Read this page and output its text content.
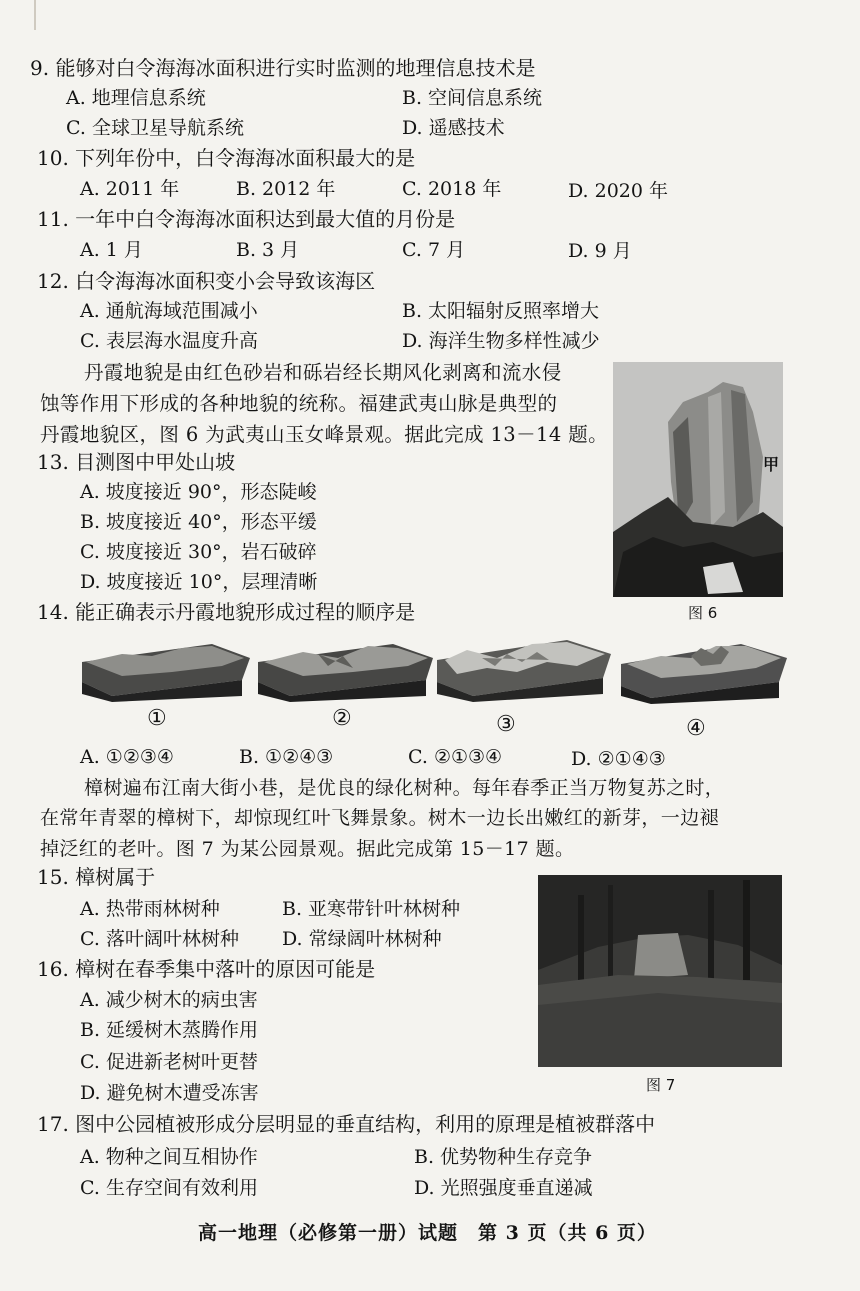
9. 能够对白令海海冰面积进行实时监测的地理信息技术是
A. 地理信息系统	B. 空间信息系统
C. 全球卫星导航系统	D. 遥感技术
10. 下列年份中，白令海海冰面积最大的是
A. 2011 年	B. 2012 年	C. 2018 年	D. 2020 年
11. 一年中白令海海冰面积达到最大值的月份是
A. 1 月	B. 3 月	C. 7 月	D. 9 月
12. 白令海海冰面积变小会导致该海区
A. 通航海域范围减小	B. 太阳辐射反照率增大
C. 表层海水温度升高	D. 海洋生物多样性减少
丹霞地貌是由红色砂岩和砾岩经长期风化剥离和流水侵
蚀等作用下形成的各种地貌的统称。福建武夷山脉是典型的
丹霞地貌区，图 6 为武夷山玉女峰景观。据此完成 13－14 题。
甲
图 6
13. 目测图中甲处山坡
A. 坡度接近 90°，形态陡峻
B. 坡度接近 40°，形态平缓
C. 坡度接近 30°，岩石破碎
D. 坡度接近 10°，层理清晰
14. 能正确表示丹霞地貌形成过程的顺序是
①	②	③	④
A. ①②③④	B. ①②④③	C. ②①③④	D. ②①④③
樟树遍布江南大街小巷，是优良的绿化树种。每年春季正当万物复苏之时，
在常年青翠的樟树下，却惊现红叶飞舞景象。树木一边长出嫩红的新芽，一边褪
掉泛红的老叶。图 7 为某公园景观。据此完成第 15－17 题。
图 7
15. 樟树属于
A. 热带雨林树种	B. 亚寒带针叶林树种
C. 落叶阔叶林树种 D. 常绿阔叶林树种
16. 樟树在春季集中落叶的原因可能是
A. 减少树木的病虫害
B. 延缓树木蒸腾作用
C. 促进新老树叶更替
D. 避免树木遭受冻害
17. 图中公园植被形成分层明显的垂直结构，利用的原理是植被群落中
A. 物种之间互相协作	B. 优势物种生存竞争
C. 生存空间有效利用	D. 光照强度垂直递减
高一地理（必修第一册）试题　第 3 页（共 6 页）
